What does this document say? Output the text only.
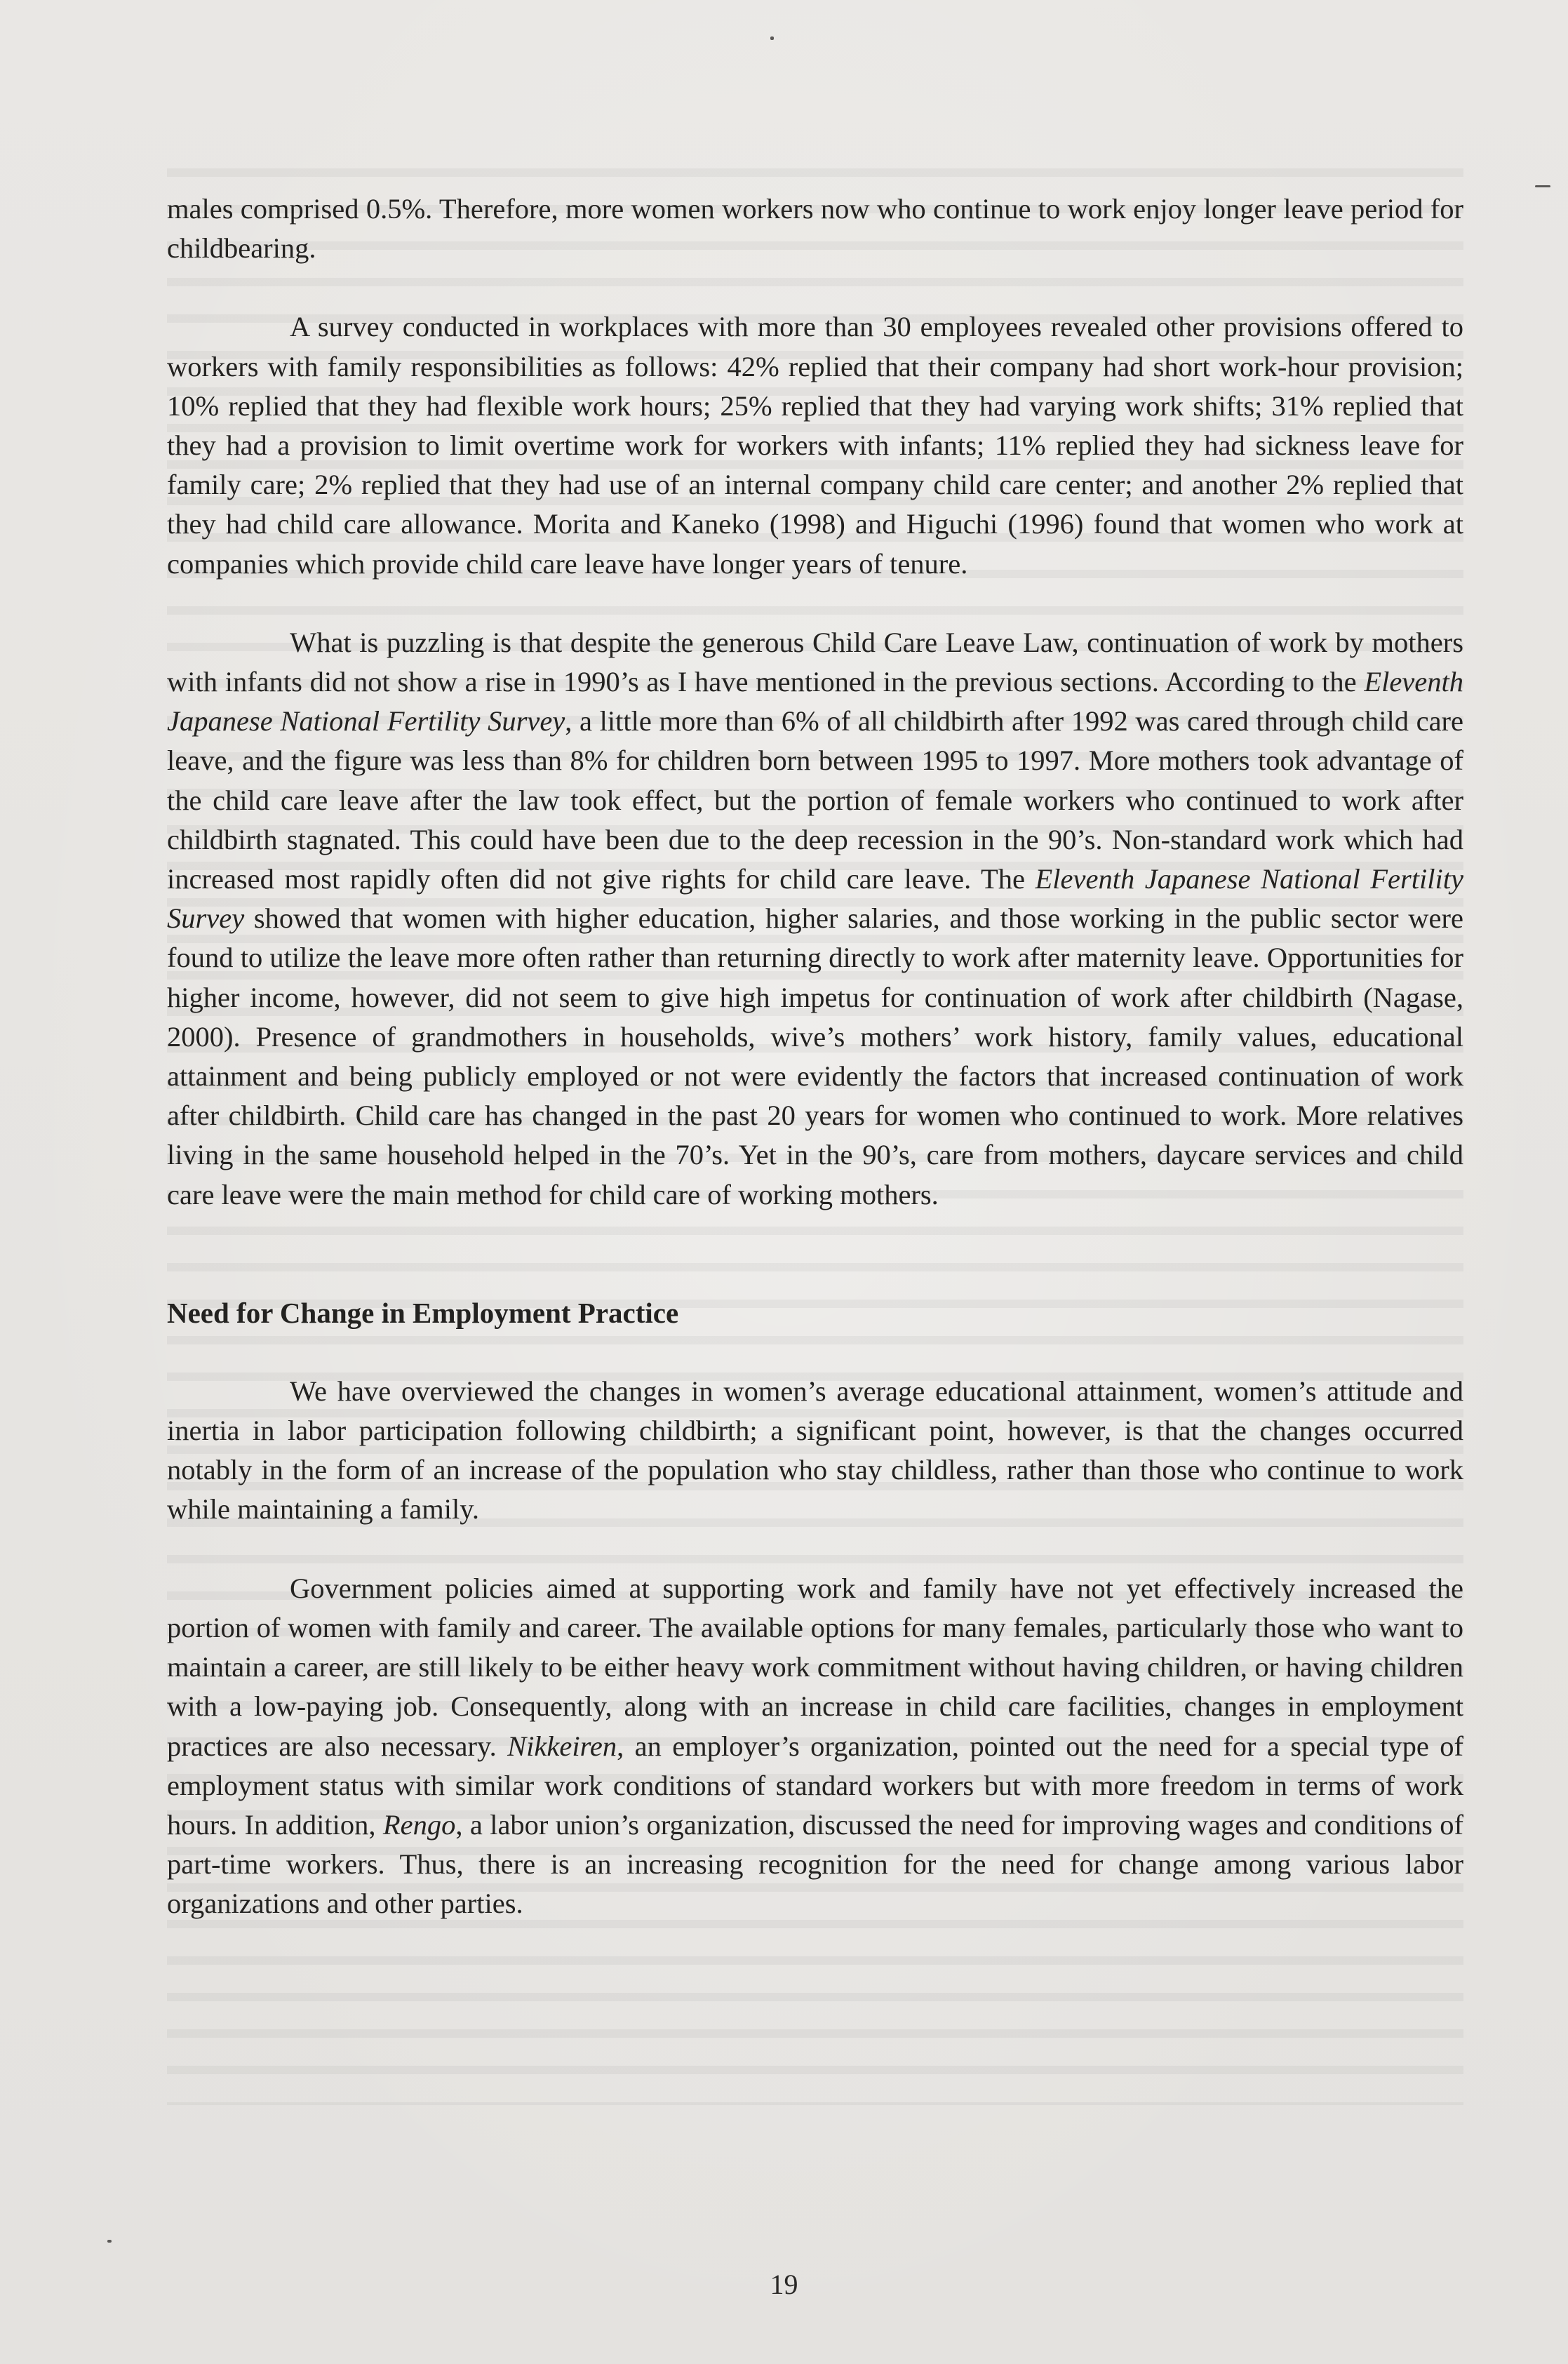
males comprised 0.5%. Therefore, more women workers now who continue to work enjoy longer leave period for childbearing.

A survey conducted in workplaces with more than 30 employees revealed other provisions offered to workers with family responsibilities as follows: 42% replied that their company had short work-hour provision; 10% replied that they had flexible work hours; 25% replied that they had varying work shifts; 31% replied that they had a provision to limit overtime work for workers with infants; 11% replied they had sickness leave for family care; 2% replied that they had use of an internal company child care center; and another 2% replied that they had child care allowance. Morita and Kaneko (1998) and Higuchi (1996) found that women who work at companies which provide child care leave have longer years of tenure.

What is puzzling is that despite the generous Child Care Leave Law, continuation of work by mothers with infants did not show a rise in 1990’s as I have mentioned in the previous sections. According to the Eleventh Japanese National Fertility Survey, a little more than 6% of all childbirth after 1992 was cared through child care leave, and the figure was less than 8% for children born between 1995 to 1997. More mothers took advantage of the child care leave after the law took effect, but the portion of female workers who continued to work after childbirth stagnated. This could have been due to the deep recession in the 90’s. Non-standard work which had increased most rapidly often did not give rights for child care leave. The Eleventh Japanese National Fertility Survey showed that women with higher education, higher salaries, and those working in the public sector were found to utilize the leave more often rather than returning directly to work after maternity leave. Opportunities for higher income, however, did not seem to give high impetus for continuation of work after childbirth (Nagase, 2000). Presence of grandmothers in households, wive’s mothers’ work history, family values, educational attainment and being publicly employed or not were evidently the factors that increased continuation of work after childbirth. Child care has changed in the past 20 years for women who continued to work. More relatives living in the same household helped in the 70’s. Yet in the 90’s, care from mothers, daycare services and child care leave were the main method for child care of working mothers.

Need for Change in Employment Practice

We have overviewed the changes in women’s average educational attainment, women’s attitude and inertia in labor participation following childbirth; a significant point, however, is that the changes occurred notably in the form of an increase of the population who stay childless, rather than those who continue to work while maintaining a family.

Government policies aimed at supporting work and family have not yet effectively increased the portion of women with family and career. The available options for many females, particularly those who want to maintain a career, are still likely to be either heavy work commitment without having children, or having children with a low-paying job. Consequently, along with an increase in child care facilities, changes in employment practices are also necessary. Nikkeiren, an employer’s organization, pointed out the need for a special type of employment status with similar work conditions of standard workers but with more freedom in terms of work hours. In addition, Rengo, a labor union’s organization, discussed the need for improving wages and conditions of part-time workers. Thus, there is an increasing recognition for the need for change among various labor organizations and other parties.

19
